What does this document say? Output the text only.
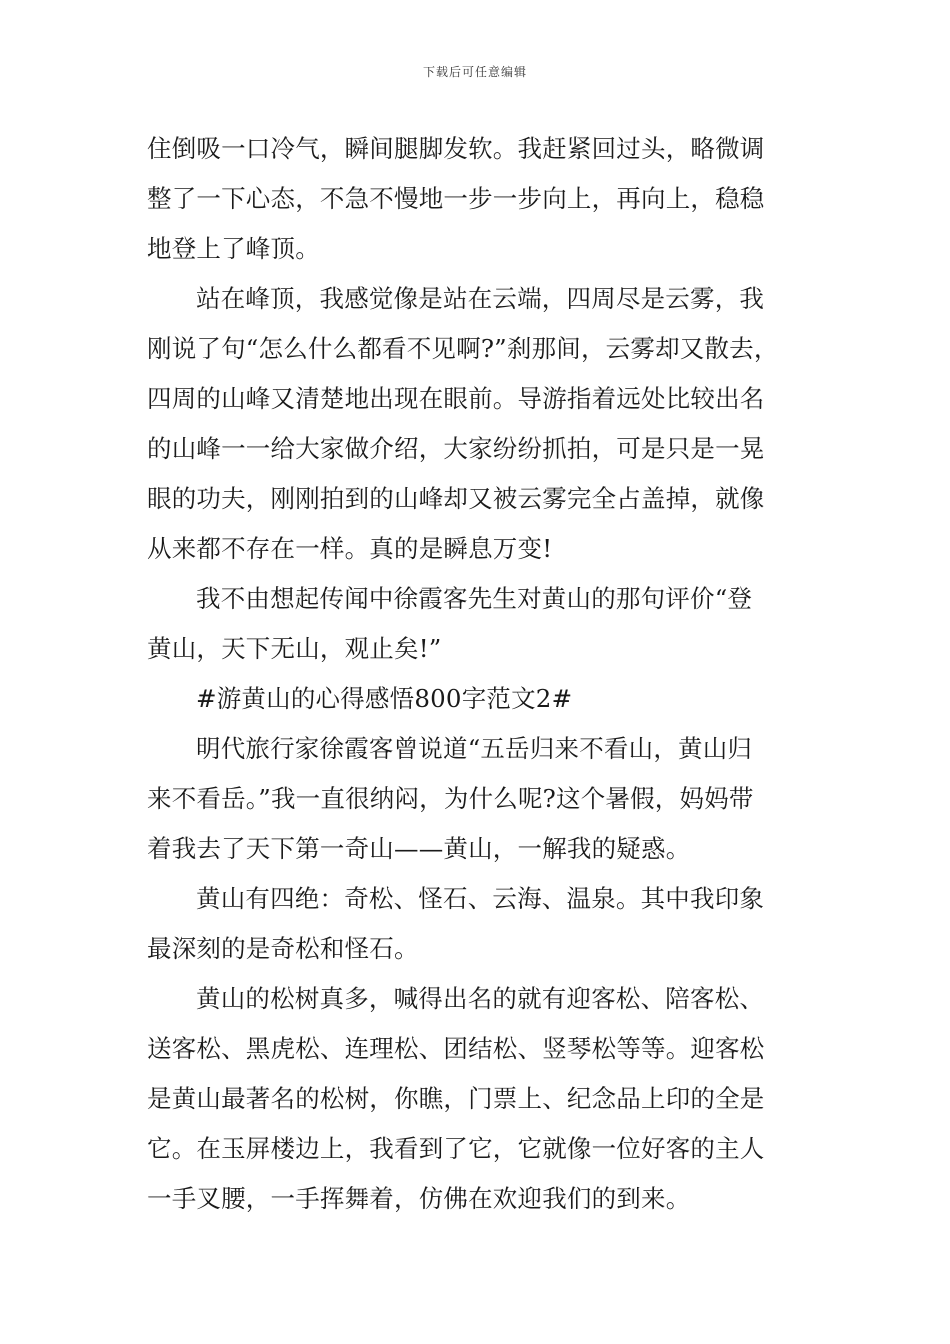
下载后可任意编辑
住倒吸一口冷气，瞬间腿脚发软。我赶紧回过头，略微调
整了一下心态，不急不慢地一步一步向上，再向上，稳稳
地登上了峰顶。
站在峰顶，我感觉像是站在云端，四周尽是云雾，我
刚说了句“怎么什么都看不见啊?”刹那间，云雾却又散去，
四周的山峰又清楚地出现在眼前。导游指着远处比较出名
的山峰一一给大家做介绍，大家纷纷抓拍，可是只是一晃
眼的功夫，刚刚拍到的山峰却又被云雾完全占盖掉，就像
从来都不存在一样。真的是瞬息万变!
我不由想起传闻中徐霞客先生对黄山的那句评价“登
黄山，天下无山，观止矣!”
#游黄山的心得感悟800字范文2#
明代旅行家徐霞客曾说道“五岳归来不看山，黄山归
来不看岳。”我一直很纳闷，为什么呢?这个暑假，妈妈带
着我去了天下第一奇山——黄山，一解我的疑惑。
黄山有四绝：奇松、怪石、云海、温泉。其中我印象
最深刻的是奇松和怪石。
黄山的松树真多，喊得出名的就有迎客松、陪客松、
送客松、黑虎松、连理松、团结松、竖琴松等等。迎客松
是黄山最著名的松树，你瞧，门票上、纪念品上印的全是
它。在玉屏楼边上，我看到了它，它就像一位好客的主人
一手叉腰，一手挥舞着，仿佛在欢迎我们的到来。
